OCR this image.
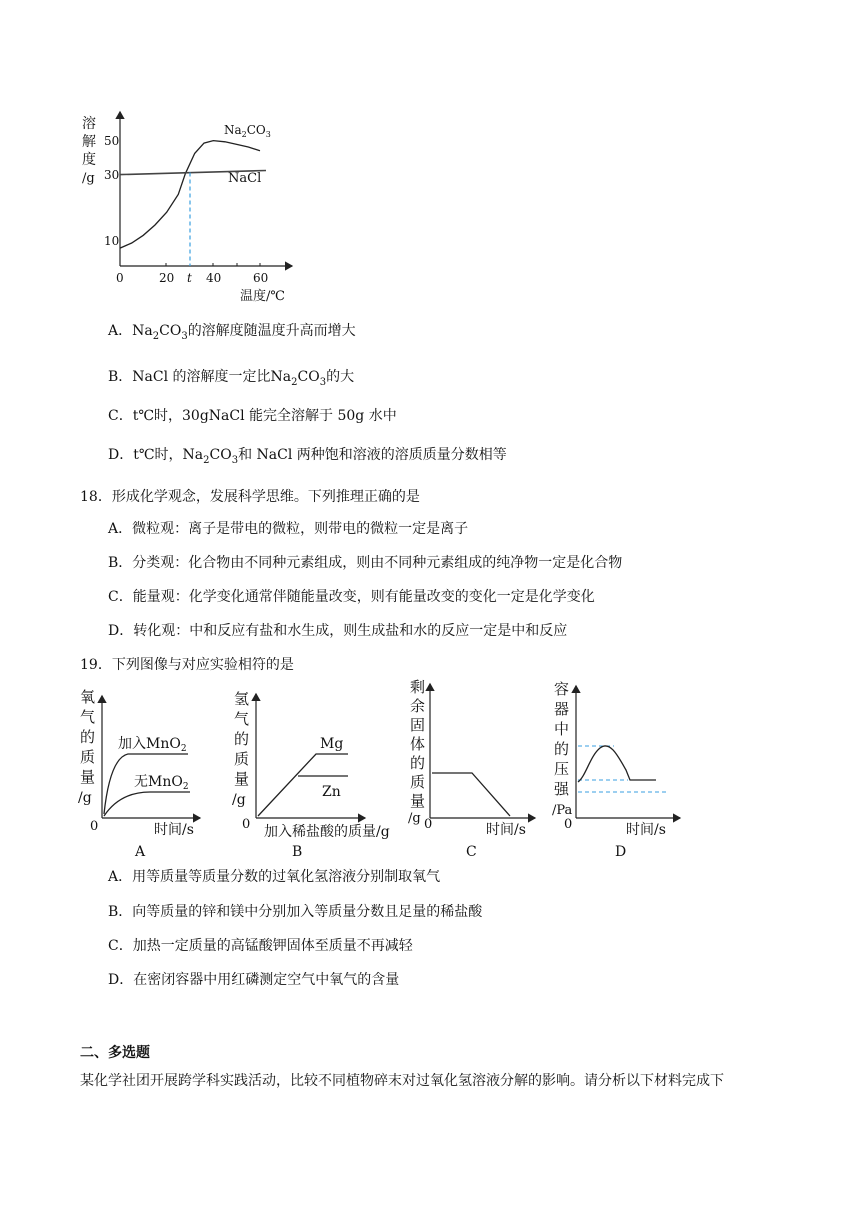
溶
解
度
/g
10
30
50
0	20 t 40	60
温度/℃
$Na_2CO_3$
NaCl
A．$Na_2CO_3$的溶解度随温度升高而增大
B．NaCl 的溶解度一定比$Na_2CO_3$的大
C．t℃时，30gNaCl 能完全溶解于 50g 水中
D．t℃时，$Na_2CO_3$和 NaCl 两种饱和溶液的溶质质量分数相等
18．形成化学观念，发展科学思维。下列推理正确的是
A．微粒观：离子是带电的微粒，则带电的微粒一定是离子
B．分类观：化合物由不同种元素组成，则由不同种元素组成的纯净物一定是化合物
C．能量观：化学变化通常伴随能量改变，则有能量改变的变化一定是化学变化
D．转化观：中和反应有盐和水生成，则生成盐和水的反应一定是中和反应
19．下列图像与对应实验相符的是
氧
气
的
质
量
/g
0	时间/s
A
加入MnO$_2$
无MnO$_2$
氢
气
的
质
量
/g
0 加入稀盐酸的质量/g
B
Mg
Zn
剩
余
固
体
的
质
量
/g 0	时间/s
C
容
器
中
的
压
强
/Pa
0	时间/s
D
A．用等质量等质量分数的过氧化氢溶液分别制取氧气
B．向等质量的锌和镁中分别加入等质量分数且足量的稀盐酸
C．加热一定质量的高锰酸钾固体至质量不再减轻
D．在密闭容器中用红磷测定空气中氧气的含量
二、多选题
某化学社团开展跨学科实践活动，比较不同植物碎末对过氧化氢溶液分解的影响。请分析以下材料完成下
